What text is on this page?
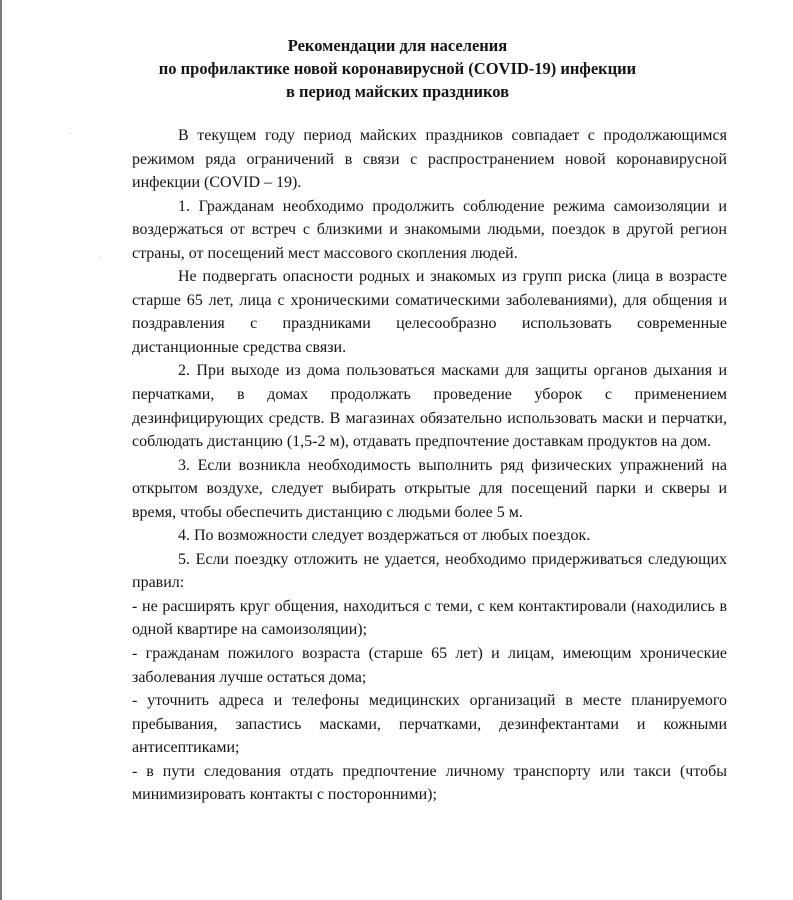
·
·
Рекомендации для населения
по профилактике новой коронавирусной (COVID-19) инфекции
в период майских праздников

В текущем году период майских праздников совпадает с продолжающимся режимом ряда ограничений в связи с распространением новой коронавирусной инфекции (COVID – 19).

1. Гражданам необходимо продолжить соблюдение режима самоизоляции и воздержаться от встреч с близкими и знакомыми людьми, поездок в другой регион страны, от посещений мест массового скопления людей.

Не подвергать опасности родных и знакомых из групп риска (лица в возрасте старше 65 лет, лица с хроническими соматическими заболеваниями), для общения и поздравления с праздниками целесообразно использовать современные дистанционные средства связи.

2. При выходе из дома пользоваться масками для защиты органов дыхания и перчатками, в домах продолжать проведение уборок с применением дезинфицирующих средств. В магазинах обязательно использовать маски и перчатки, соблюдать дистанцию (1,5-2 м), отдавать предпочтение доставкам продуктов на дом.

3. Если возникла необходимость выполнить ряд физических упражнений на открытом воздухе, следует выбирать открытые для посещений парки и скверы и время, чтобы обеспечить дистанцию с людьми более 5 м.

4. По возможности следует воздержаться от любых поездок.

5. Если поездку отложить не удается, необходимо придерживаться следующих правил:

- не расширять круг общения, находиться с теми, с кем контактировали (находились в одной квартире на самоизоляции);

- гражданам пожилого возраста (старше 65 лет) и лицам, имеющим хронические заболевания лучше остаться дома;

- уточнить адреса и телефоны медицинских организаций в месте планируемого пребывания, запастись масками, перчатками, дезинфектантами и кожными антисептиками;

- в пути следования отдать предпочтение личному транспорту или такси (чтобы минимизировать контакты с посторонними);
